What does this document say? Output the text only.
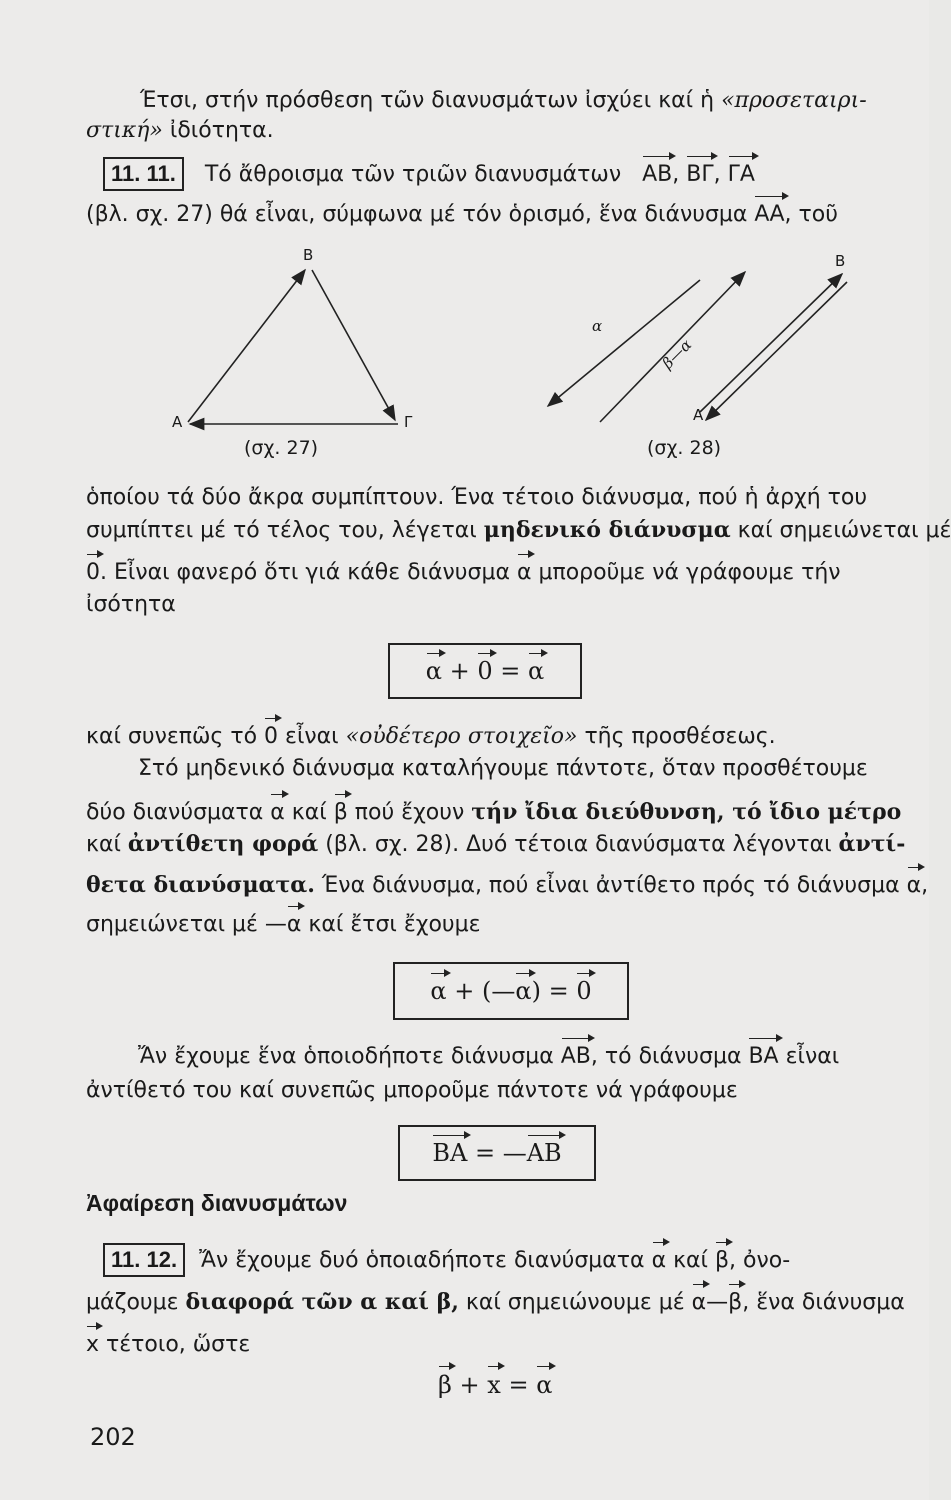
Έτσι, στήν πρόσθεση τῶν διανυσμάτων ἰσχύει καί ἡ «προσεταιρι-
στική» ἰδιότητα.
11. 11. Τό ἄθροισμα τῶν τριῶν διανυσμάτων ΑΒ, ΒΓ, ΓΑ
(βλ. σχ. 27) θά εἶναι, σύμφωνα μέ τόν ὁρισμό, ἕνα διάνυσμα ΑΑ, τοῦ
Β
Α	Γ
(σχ. 27)
α
β—α
Α
Β
(σχ. 28)
ὁποίου τά δύο ἄκρα συμπίπτουν. Ένα τέτοιο διάνυσμα, πού ἡ ἀρχή του
συμπίπτει μέ τό τέλος του, λέγεται μηδενικό διάνυσμα καί σημειώνεται μέ
0. Εἶναι φανερό ὅτι γιά κάθε διάνυσμα α μποροῦμε νά γράφουμε τήν
ἰσότητα
α
+
0
=
α
καί συνεπῶς τό 0 εἶναι «οὐδέτερο στοιχεῖο» τῆς προσθέσεως.
Στό μηδενικό διάνυσμα καταλήγουμε πάντοτε, ὅταν προσθέτουμε
δύο διανύσματα α καί β πού ἔχουν τήν ἴδια διεύθυνση, τό ἴδιο μέτρο
καί ἀντίθετη φορά (βλ. σχ. 28). Δυό τέτοια διανύσματα λέγονται ἀντί-
θετα διανύσματα. Ένα διάνυσμα, πού εἶναι ἀντίθετο πρός τό διάνυσμα α,
σημειώνεται μέ —α καί ἔτσι ἔχουμε
α
+
(— α )
=
0
Ἄν ἔχουμε ἕνα ὁποιοδήποτε διάνυσμα ΑΒ, τό διάνυσμα ΒΑ εἶναι
ἀντίθετό του καί συνεπῶς μποροῦμε πάντοτε νά γράφουμε
ΒΑ
=
— ΑΒ
Ἀφαίρεση διανυσμάτων
11. 12. Ἄν ἔχουμε δυό ὁποιαδήποτε διανύσματα α καί β, ὀνο-
μάζουμε διαφορά τῶν α καί β, καί σημειώνουμε μέ α—β, ἕνα διάνυσμα
x τέτοιο, ὥστε
β + x = α
202
